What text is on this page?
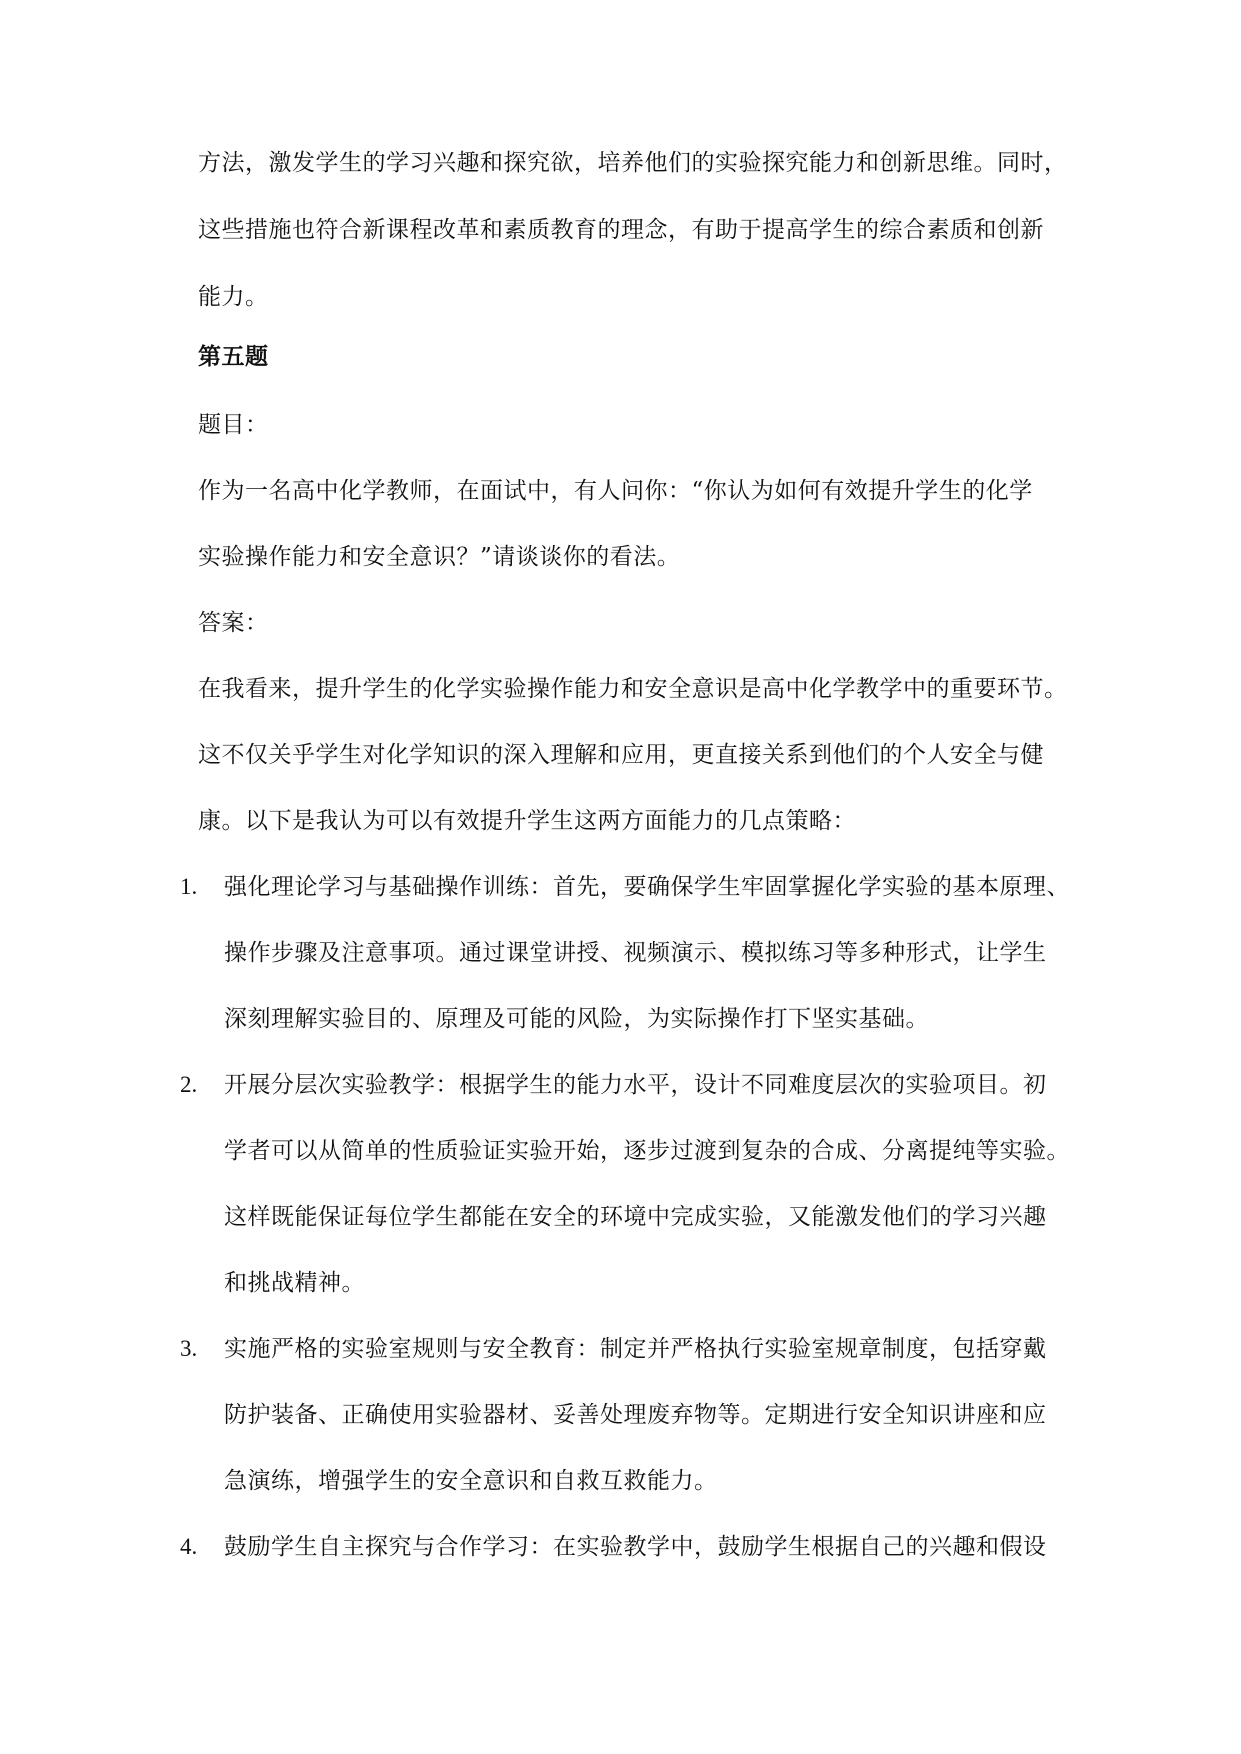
方法，激发学生的学习兴趣和探究欲，培养他们的实验探究能力和创新思维。同时，
这些措施也符合新课程改革和素质教育的理念，有助于提高学生的综合素质和创新
能力。
第五题
题目：
作为一名高中化学教师，在面试中，有人问你：“你认为如何有效提升学生的化学
实验操作能力和安全意识？”请谈谈你的看法。
答案：
在我看来，提升学生的化学实验操作能力和安全意识是高中化学教学中的重要环节。
这不仅关乎学生对化学知识的深入理解和应用，更直接关系到他们的个人安全与健
康。以下是我认为可以有效提升学生这两方面能力的几点策略：
1. 强化理论学习与基础操作训练：首先，要确保学生牢固掌握化学实验的基本原理、
操作步骤及注意事项。通过课堂讲授、视频演示、模拟练习等多种形式，让学生
深刻理解实验目的、原理及可能的风险，为实际操作打下坚实基础。
2. 开展分层次实验教学：根据学生的能力水平，设计不同难度层次的实验项目。初
学者可以从简单的性质验证实验开始，逐步过渡到复杂的合成、分离提纯等实验。
这样既能保证每位学生都能在安全的环境中完成实验，又能激发他们的学习兴趣
和挑战精神。
3. 实施严格的实验室规则与安全教育：制定并严格执行实验室规章制度，包括穿戴
防护装备、正确使用实验器材、妥善处理废弃物等。定期进行安全知识讲座和应
急演练，增强学生的安全意识和自救互救能力。
4. 鼓励学生自主探究与合作学习：在实验教学中，鼓励学生根据自己的兴趣和假设
